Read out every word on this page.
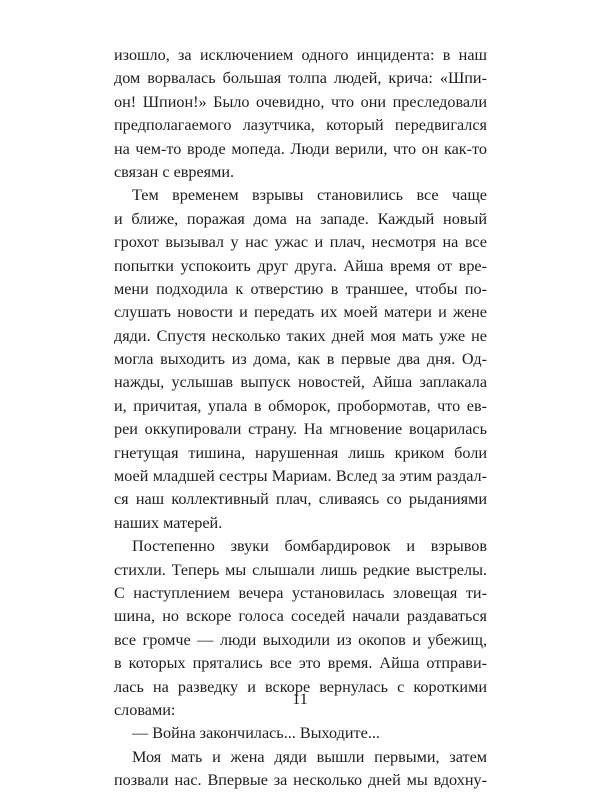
изошло, за исключением одного инцидента: в наш
дом ворвалась большая толпа людей, крича: «Шпи-
он! Шпион!» Было очевидно, что они преследовали
предполагаемого лазутчика, который передвигался
на чем-то вроде мопеда. Люди верили, что он как-то
связан с евреями.
Тем временем взрывы становились все чаще
и ближе, поражая дома на западе. Каждый новый
грохот вызывал у нас ужас и плач, несмотря на все
попытки успокоить друг друга. Айша время от вре-
мени подходила к отверстию в траншее, чтобы по-
слушать новости и передать их моей матери и жене
дяди. Спустя несколько таких дней моя мать уже не
могла выходить из дома, как в первые два дня. Од-
нажды, услышав выпуск новостей, Айша заплакала
и, причитая, упала в обморок, пробормотав, что ев-
реи оккупировали страну. На мгновение воцарилась
гнетущая тишина, нарушенная лишь криком боли
моей младшей сестры Мариам. Вслед за этим раздал-
ся наш коллективный плач, сливаясь со рыданиями
наших матерей.
Постепенно звуки бомбардировок и взрывов
стихли. Теперь мы слышали лишь редкие выстрелы.
С наступлением вечера установилась зловещая ти-
шина, но вскоре голоса соседей начали раздаваться
все громче — люди выходили из окопов и убежищ,
в которых прятались все это время. Айша отправи-
лась на разведку и вскоре вернулась с короткими
словами:
— Война закончилась... Выходите...
Моя мать и жена дяди вышли первыми, затем
позвали нас. Впервые за несколько дней мы вдохну-
11
